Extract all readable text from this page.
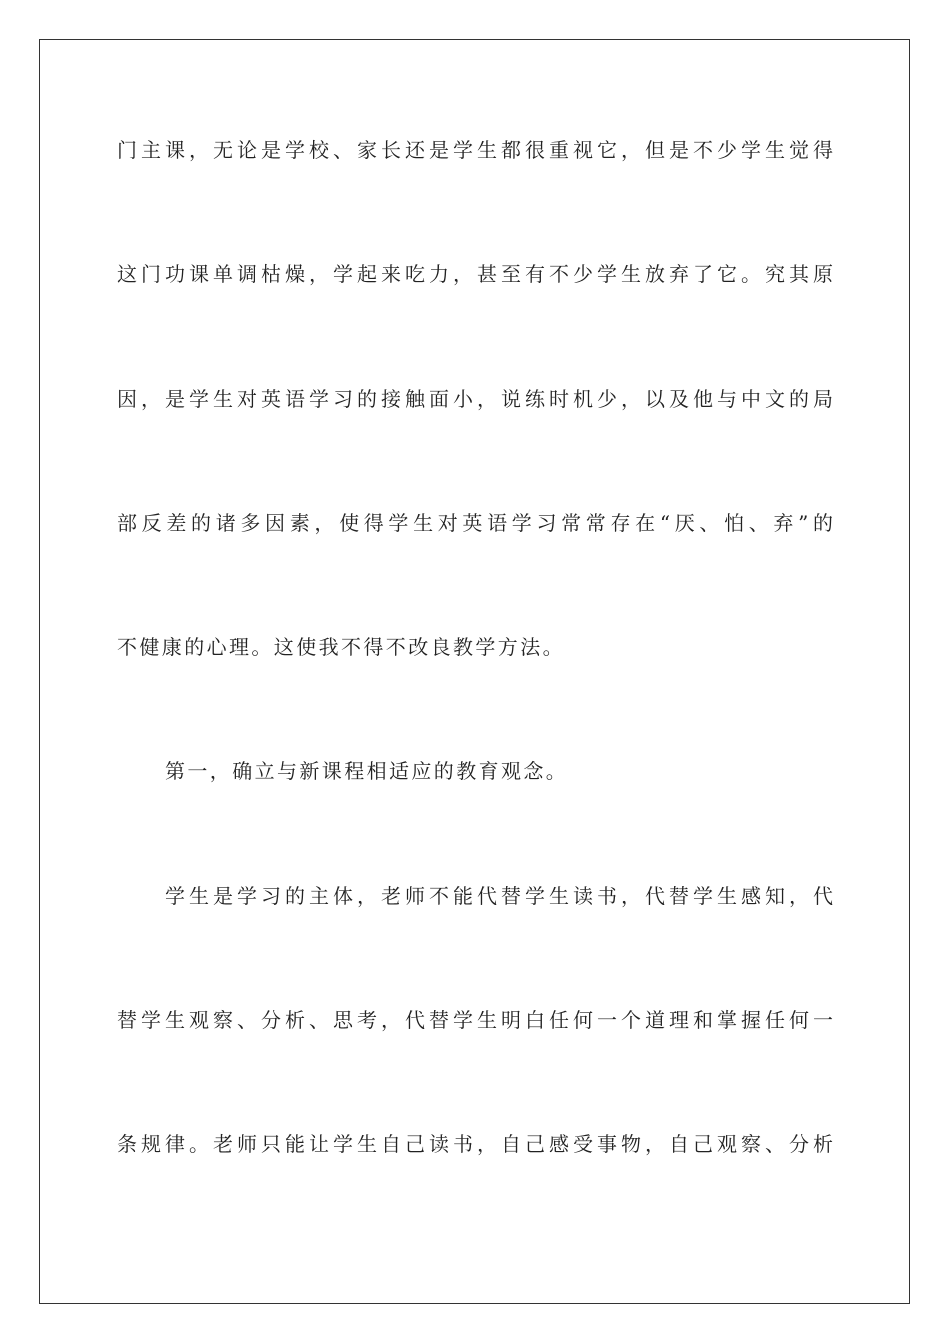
门主课，无论是学校、家长还是学生都很重视它，但是不少学生觉得
这门功课单调枯燥，学起来吃力，甚至有不少学生放弃了它。究其原
因，是学生对英语学习的接触面小，说练时机少，以及他与中文的局
部反差的诸多因素，使得学生对英语学习常常存在“厌、怕、弃”的
不健康的心理。这使我不得不改良教学方法。
第一，确立与新课程相适应的教育观念。
学生是学习的主体，老师不能代替学生读书，代替学生感知，代
替学生观察、分析、思考，代替学生明白任何一个道理和掌握任何一
条规律。老师只能让学生自己读书，自己感受事物，自己观察、分析
